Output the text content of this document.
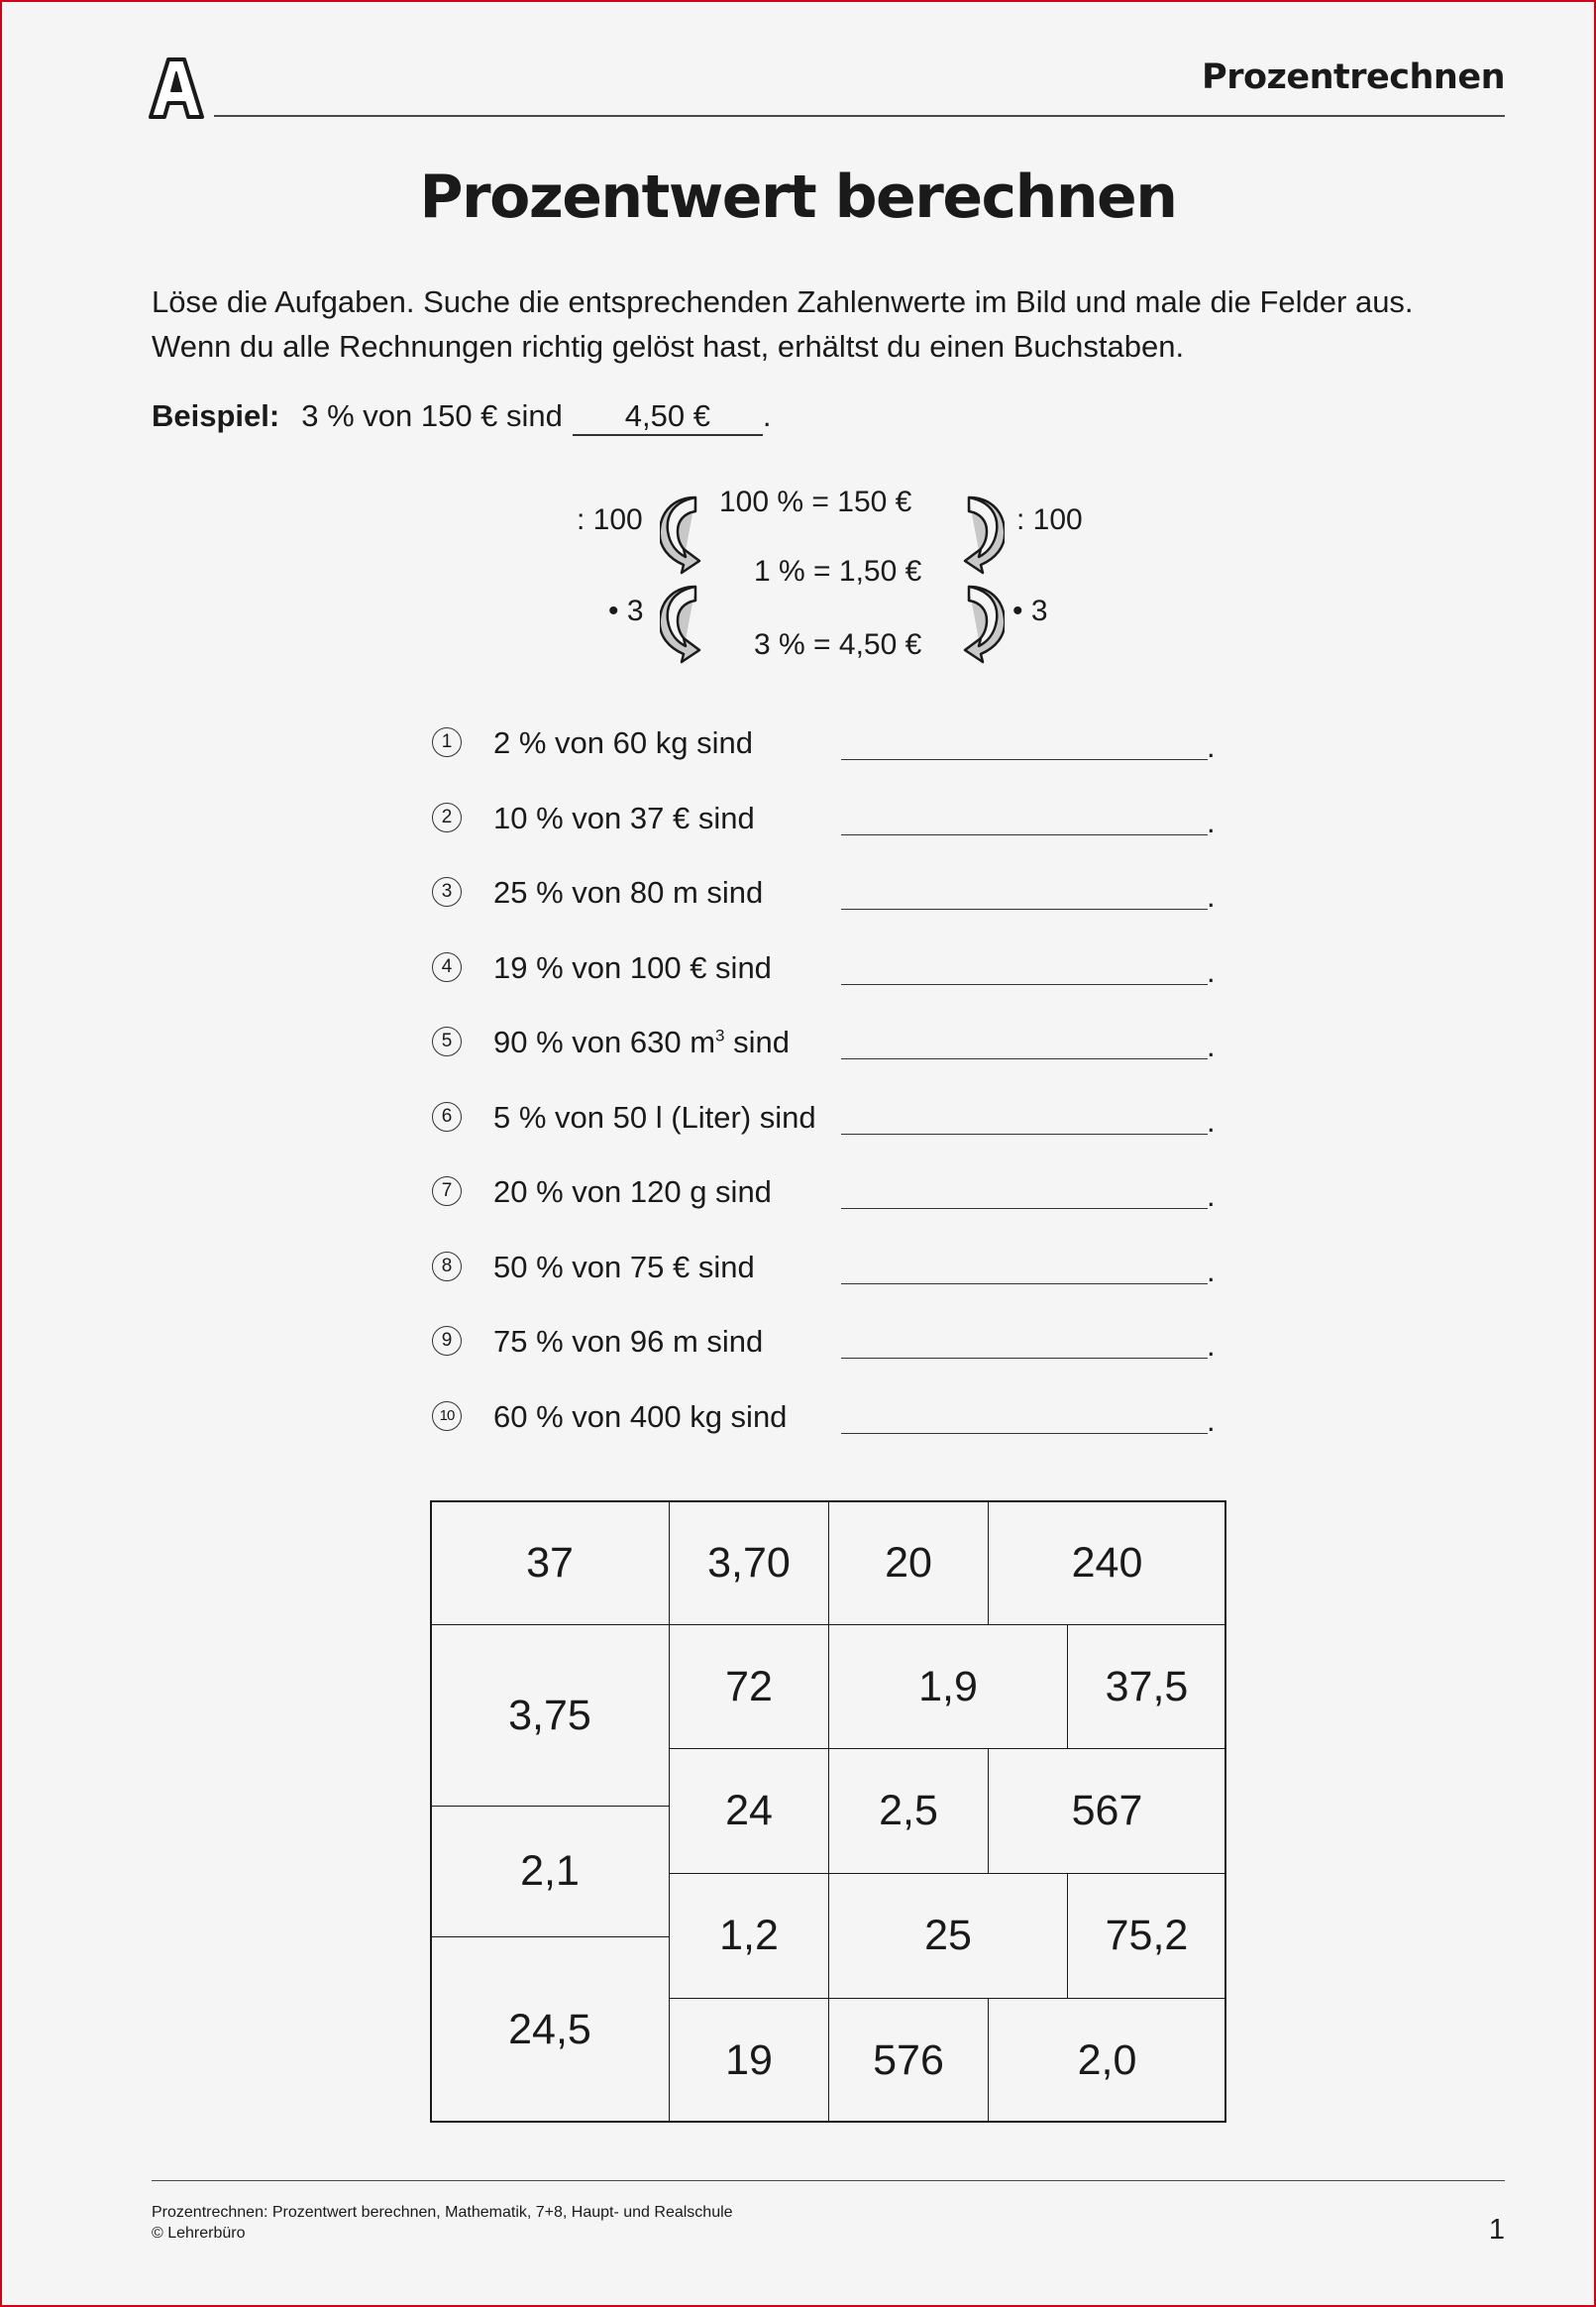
Prozentrechnen
Prozentwert berechnen
Löse die Aufgaben. Suche die entsprechenden Zahlenwerte im Bild und male die Felder aus.
Wenn du alle Rechnungen richtig gelöst hast, erhältst du einen Buchstaben.
Beispiel: 3 % von 150 € sind 4,50 € .
: 100	: 100
• 3	• 3
100 % = 150 €
1 % = 1,50 €
3 % = 4,50 €
1	2 % von 60 kg sind	.
2	10 % von 37 € sind	.
3	25 % von 80 m sind	.
4	19 % von 100 € sind	.
5	90 % von 630 $m^3$ sind	.
6	5 % von 50 l (Liter) sind	.
7	20 % von 120 g sind	.
8	50 % von 75 € sind	.
9	75 % von 96 m sind	.
10 60 % von 400 kg sind	.
37	3,70	20	240
3,75
72	1,9	37,5
24	2,5	567
2,1
1,2	25	75,2
24,5
19	576	2,0
Prozentrechnen: Prozentwert berechnen, Mathematik, 7+8, Haupt- und Realschule
© Lehrerbüro	1
